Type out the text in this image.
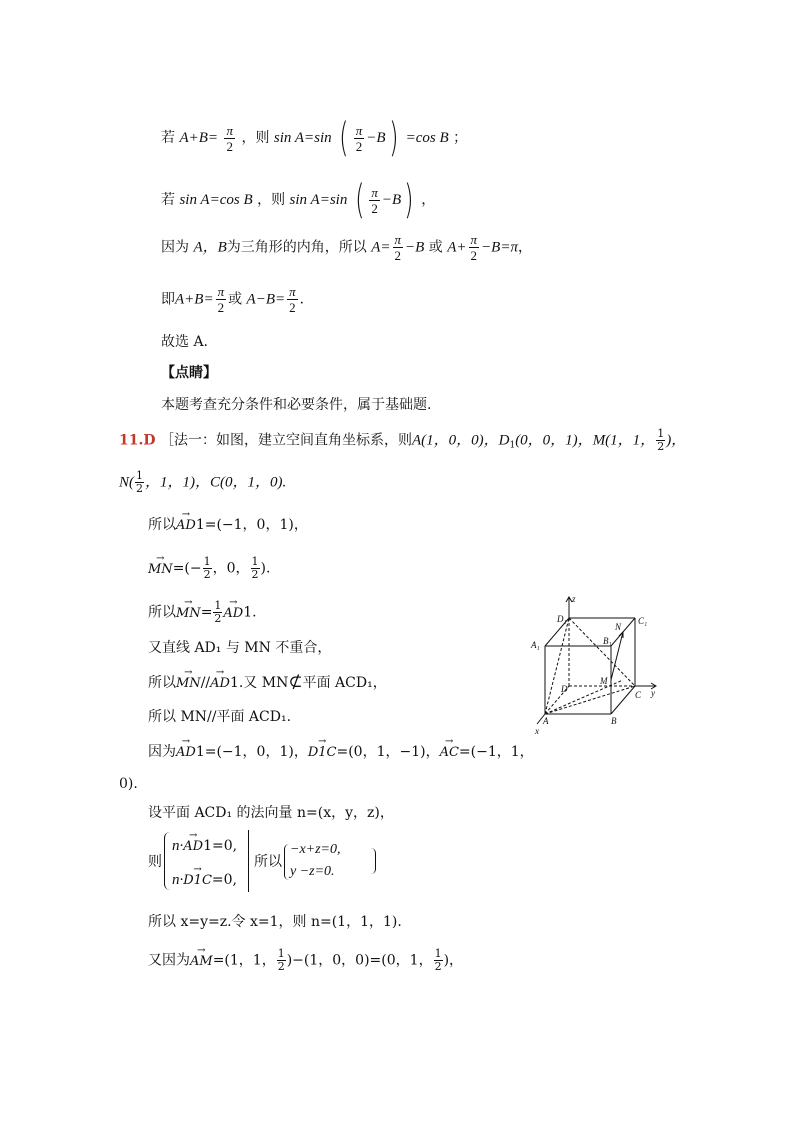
若 $A+B= \frac{\pi}{2}$ ，则 sin A=sin ( $\frac{\pi}{2} -B) =\cos$ B ；
若 sin A=cos B ，则 sin A=sin ( $\frac{\pi}{2} -B$) ，
因为 A，B为三角形的内角，所以 $A= \frac{\pi}{2} -B$ 或 $A+ \frac{\pi}{2} -B=\pi$，
即$A+B= \frac{\pi}{2}$ 或 $A-B= \frac{\pi}{2}$ ．
故选 A.
【点睛】
本题考查充分条件和必要条件，属于基础题.
11.D ［法一：如图，建立空间直角坐标系，则A(1，0，0)，$D_1(0$，0，1)，M(1，1， $\frac{1}{2}$ )，
$N( \frac{1}{2}$ ，1，1)，C(0，1，0).
所以→ AD1=(−1，0，1)，
→ $MN=(- \frac{1}{2}$ ，0， $\frac{1}{2}$ ).
所以→ $MN= \frac{1}{2}$
→ AD1.
又直线 AD₁ 与 MN 不重合，
所以→ MN//→ AD1.又 MN⊄平面 ACD₁，
所以 MN//平面 ACD₁.
因为→ AD1=(−1，0，1)，→ D1C=(0，1，−1)，→ AC=(−1，1，
0).
设平面 ACD₁ 的法向量 n=(x，y，z)，
则
n·→ AD1=0,
n·→ D1C=0,
所以
−x+z=0,
y −z=0.
所以 x=y=z.令 x=1，则 n=(1，1，1).
又因为→ AM=(1，1， $\frac{1}{2} )-(1$，0，0)=(0，1， $\frac{1}{2}$ )，
z
y
x
D₁	C₁
A₁	B₁
N
M
D
C
A	B
